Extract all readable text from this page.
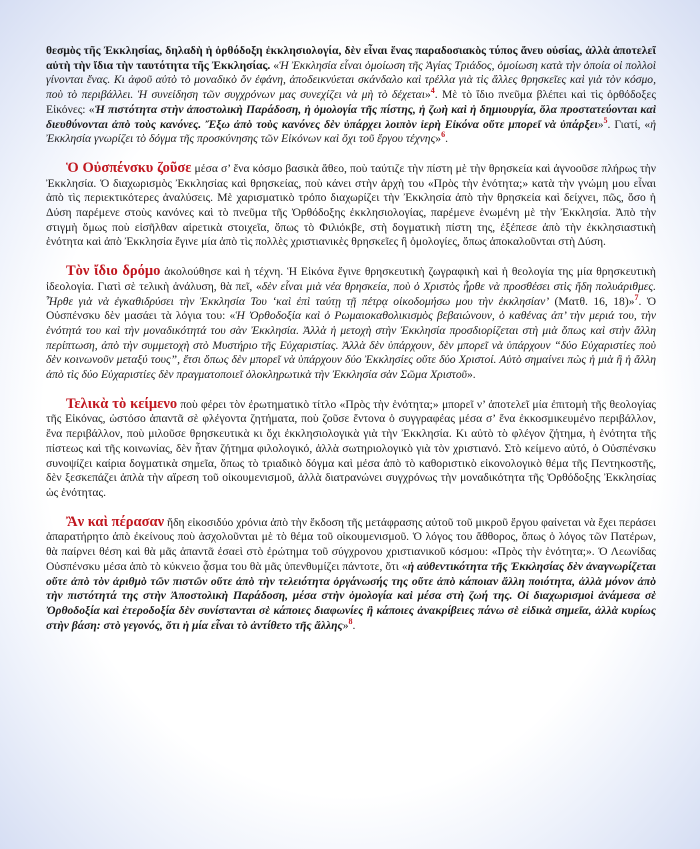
θεσμὸς τῆς Ἐκκλησίας, δηλαδὴ ἡ ὀρθόδοξη ἐκκλησιολογία, δὲν εἶναι ἕνας παραδοσιακὸς τύπος ἄνευ οὐσίας, ἀλλὰ ἀποτελεῖ αὐτὴ τὴν ἴδια τὴν ταυτότητα τῆς Ἐκκλησίας. «Ἡ Ἐκκλησία εἶναι ὁμοίωση τῆς Ἁγίας Τριάδος, ὁμοίωση κατὰ τὴν ὁποία οἱ πολλοὶ γίνονται ἕνας. Κι ἀφοῦ αὐτὸ τὸ μοναδικὸ ὄν ἐφάνη, ἀποδεικνύεται σκάνδαλο καὶ τρέλλα γιὰ τὶς ἄλλες θρησκεῖες καὶ γιὰ τὸν κόσμο, ποὺ τὸ περιβάλλει. Ἡ συνείδηση τῶν συγχρόνων μας συνεχίζει νὰ μὴ τὸ δέχεται»$^4$. Μὲ τὸ ἴδιο πνεῦμα βλέπει καὶ τὶς ὀρθόδοξες Εἰκόνες: «Ἡ πιστότητα στὴν ἀποστολικὴ Παράδοση, ἡ ὁμολογία τῆς πίστης, ἡ ζωὴ καὶ ἡ δημιουργία, ὅλα προστατεύονται καὶ διευθύνονται ἀπὸ τοὺς κανόνες. Ἔξω ἀπὸ τοὺς κανόνες δὲν ὑπάρχει λοιπὸν ἱερὴ Εἰκόνα οὔτε μπορεῖ νὰ ὑπάρξει»$^5$. Γιατί, «ἡ Ἐκκλησία γνωρίζει τὸ δόγμα τῆς προσκύνησης τῶν Εἰκόνων καὶ ὄχι τοῦ ἔργου τέχνης»$^6$.

Ὁ Οὐσπένσκυ ζοῦσε μέσα σ’ ἕνα κόσμο βασικὰ ἄθεο, ποὺ ταύτιζε τὴν πίστη μὲ τὴν θρησκεία καὶ ἀγνοοῦσε πλήρως τὴν Ἐκκλησία. Ὁ διαχωρισμὸς Ἐκκλησίας καὶ θρησκείας, ποὺ κάνει στὴν ἀρχὴ του «Πρὸς τὴν ἑνότητα;» κατὰ τὴν γνώμη μου εἶναι ἀπὸ τὶς περιεκτικότερες ἀναλύσεις. Μὲ χαρισματικὸ τρόπο διαχωρίζει τὴν Ἐκκλησία ἀπὸ τὴν θρησκεία καὶ δείχνει, πῶς, ὅσο ἡ Δύση παρέμενε στοὺς κανόνες καὶ τὸ πνεῦμα τῆς Ὀρθόδοξης ἐκκλησιολογίας, παρέμενε ἑνωμένη μὲ τὴν Ἐκκλησία. Ἀπὸ τὴν στιγμὴ ὅμως ποὺ εἰσῆλθαν αἱρετικὰ στοιχεῖα, ὅπως τὸ Φιλιόκβε, στὴ δογματικὴ πίστη της, ἐξέπεσε ἀπὸ τὴν ἐκκλησιαστικὴ ἑνότητα καὶ ἀπὸ Ἐκκλησία ἔγινε μία ἀπὸ τὶς πολλὲς χριστιανικὲς θρησκεῖες ἢ ὁμολογίες, ὅπως ἀποκαλοῦνται στὴ Δύση.

Τὸν ἴδιο δρόμο ἀκολούθησε καὶ ἡ τέχνη. Ἡ Εἰκόνα ἔγινε θρησκευτικὴ ζωγραφικὴ καὶ ἡ θεολογία της μία θρησκευτικὴ ἰδεολογία. Γιατὶ σὲ τελικὴ ἀνάλυση, θὰ πεῖ, «δὲν εἶναι μιὰ νέα θρησκεία, ποὺ ὁ Χριστὸς ἦρθε νὰ προσθέσει στὶς ἤδη πολυάριθμες. Ἦρθε γιὰ νὰ ἐγκαθιδρύσει τὴν Ἐκκλησία Του ‘καὶ ἐπὶ ταύτῃ τῇ πέτρᾳ οἰκοδομήσω μου τὴν ἐκκλησίαν’ (Ματθ. 16, 18)»$^7$. Ὁ Οὐσπένσκυ δὲν μασάει τὰ λόγια του: «Ἡ Ὀρθοδοξία καὶ ὁ Ρωμαιοκαθολικισμὸς βεβαιώνουν, ὁ καθένας ἀπ’ τὴν μεριά του, τὴν ἑνότητά του καὶ τὴν μοναδικότητά του σὰν Ἐκκλησία. Ἀλλὰ ἡ μετοχὴ στὴν Ἐκκλησία προσδιορίζεται στὴ μιὰ ὅπως καὶ στὴν ἄλλη περίπτωση, ἀπὸ τὴν συμμετοχὴ στὸ Μυστήριο τῆς Εὐχαριστίας. Ἀλλὰ δὲν ὑπάρχουν, δὲν μπορεῖ νὰ ὑπάρχουν “δύο Εὐχαριστίες ποὺ δὲν κοινωνοῦν μεταξύ τους”, ἔτσι ὅπως δὲν μπορεῖ νὰ ὑπάρχουν δύο Ἐκκλησίες οὔτε δύο Χριστοί. Αὐτὸ σημαίνει πὼς ἡ μιὰ ἢ ἡ ἄλλη ἀπὸ τὶς δύο Εὐχαριστίες δὲν πραγματοποιεῖ ὁλοκληρωτικὰ τὴν Ἐκκλησία σὰν Σῶμα Χριστοῦ».

Τελικὰ τὸ κείμενο ποὺ φέρει τὸν ἐρωτηματικὸ τίτλο «Πρὸς τὴν ἑνότητα;» μπορεῖ ν’ ἀποτελεῖ μία ἐπιτομὴ τῆς θεολογίας τῆς Εἰκόνας, ὡστόσο ἀπαντᾶ σὲ φλέγοντα ζητήματα, ποὺ ζοῦσε ἔντονα ὁ συγγραφέας μέσα σ’ ἕνα ἐκκοσμικευμένο περιβάλλον, ἕνα περιβάλλον, ποὺ μιλοῦσε θρησκευτικὰ κι ὄχι ἐκκλησιολογικὰ γιὰ τὴν Ἐκκλησία. Κι αὐτὸ τὸ φλέγον ζήτημα, ἡ ἑνότητα τῆς πίστεως καὶ τῆς κοινωνίας, δὲν ἦταν ζήτημα φιλολογικό, ἀλλὰ σωτηριολογικὸ γιὰ τὸν χριστιανό. Στὸ κείμενο αὐτό, ὁ Οὐσπένσκυ συνοψίζει καίρια δογματικὰ σημεῖα, ὅπως τὸ τριαδικὸ δόγμα καὶ μέσα ἀπὸ τὸ καθοριστικὸ εἰκονολογικὸ θέμα τῆς Πεντηκοστῆς, δὲν ξεσκεπάζει ἁπλὰ τὴν αἵρεση τοῦ οἰκουμενισμοῦ, ἀλλὰ διατρανώνει συγχρόνως τὴν μοναδικότητα τῆς Ὀρθόδοξης Ἐκκλησίας ὡς ἑνότητας.

Ἂν καὶ πέρασαν ἤδη εἰκοσιδύο χρόνια ἀπὸ τὴν ἔκδοση τῆς μετάφρασης αὐτοῦ τοῦ μικροῦ ἔργου φαίνεται νὰ ἔχει περάσει ἀπαρατήρητο ἀπὸ ἐκείνους ποὺ ἀσχολοῦνται μὲ τὸ θέμα τοῦ οἰκουμενισμοῦ. Ὁ λόγος του ἄθθορος, ὅπως ὁ λόγος τῶν Πατέρων, θὰ παίρνει θέση καὶ θὰ μᾶς ἀπαντᾶ ἐσαεὶ στὸ ἐρώτημα τοῦ σύγχρονου χριστιανικοῦ κόσμου: «Πρὸς τὴν ἑνότητα;». Ὁ Λεωνίδας Οὐσπένσκυ μέσα ἀπὸ τὸ κύκνειο ᾆσμα του θὰ μᾶς ὑπενθυμίζει πάντοτε, ὅτι «ἡ αὐθεντικότητα τῆς Ἐκκλησίας δὲν ἀναγνωρίζεται οὔτε ἀπὸ τὸν ἀριθμὸ τῶν πιστῶν οὔτε ἀπὸ τὴν τελειότητα ὀργάνωσής της οὔτε ἀπὸ κάποιαν ἄλλη ποιότητα, ἀλλὰ μόνον ἀπὸ τὴν πιστότητά της στὴν Ἀποστολικὴ Παράδοση, μέσα στὴν ὁμολογία καὶ μέσα στὴ ζωή της. Οἱ διαχωρισμοὶ ἀνάμεσα σὲ Ὀρθοδοξία καὶ ἑτεροδοξία δὲν συνίστανται σὲ κάποιες διαφωνίες ἢ κάποιες ἀνακρίβειες πάνω σὲ εἰδικὰ σημεῖα, ἀλλὰ κυρίως στὴν βάση: στὸ γεγονός, ὅτι ἡ μία εἶναι τὸ ἀντίθετο τῆς ἄλλης»$^8$.
